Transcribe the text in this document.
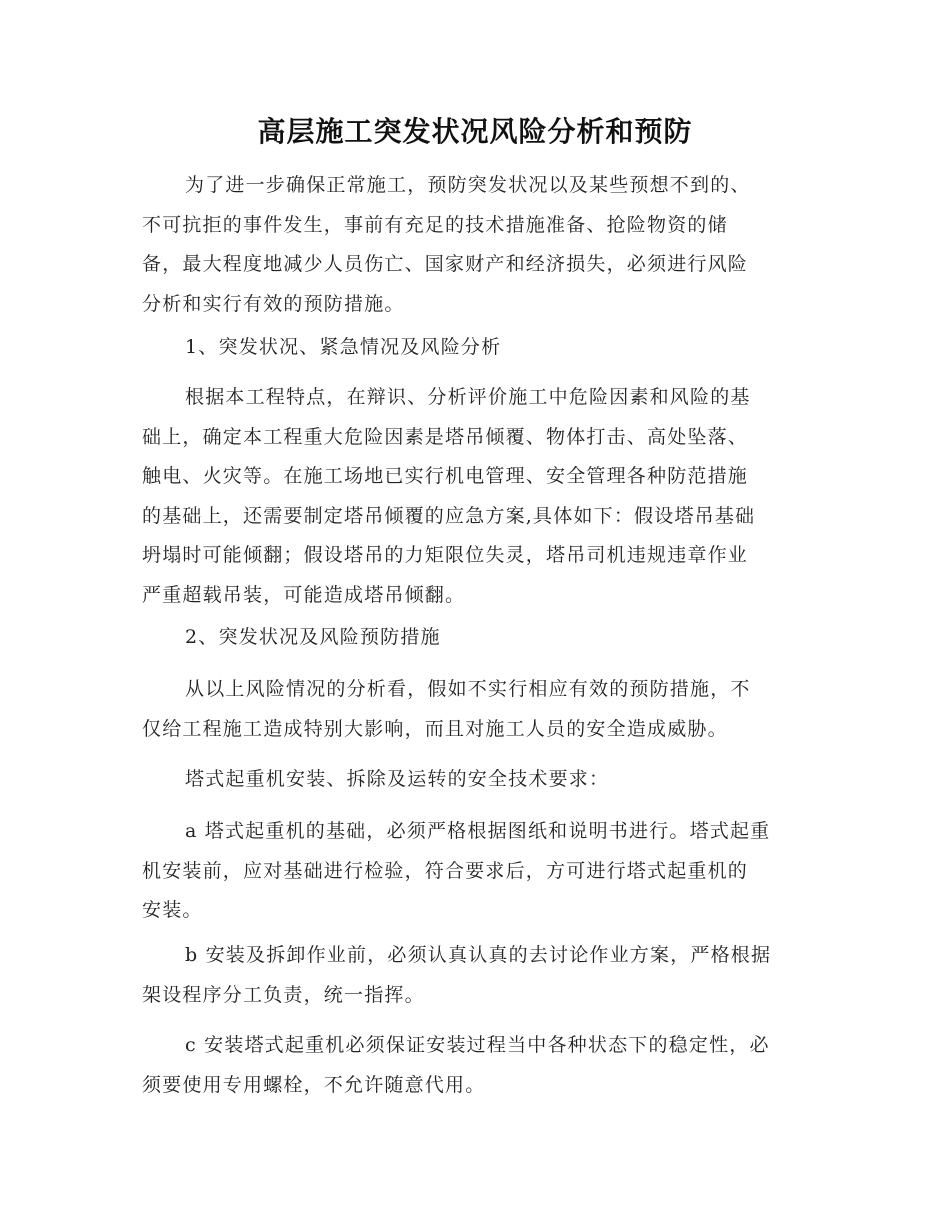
高层施工突发状况风险分析和预防
为了进一步确保正常施工，预防突发状况以及某些预想不到的、
不可抗拒的事件发生，事前有充足的技术措施准备、抢险物资的储
备，最大程度地减少人员伤亡、国家财产和经济损失，必须进行风险
分析和实行有效的预防措施。
1、突发状况、紧急情况及风险分析
根据本工程特点，在辩识、分析评价施工中危险因素和风险的基
础上，确定本工程重大危险因素是塔吊倾覆、物体打击、高处坠落、
触电、火灾等。在施工场地已实行机电管理、安全管理各种防范措施
的基础上，还需要制定塔吊倾覆的应急方案,具体如下：假设塔吊基础
坍塌时可能倾翻；假设塔吊的力矩限位失灵，塔吊司机违规违章作业
严重超载吊装，可能造成塔吊倾翻。
2、突发状况及风险预防措施
从以上风险情况的分析看，假如不实行相应有效的预防措施，不
仅给工程施工造成特别大影响，而且对施工人员的安全造成威胁。
塔式起重机安装、拆除及运转的安全技术要求：
a 塔式起重机的基础，必须严格根据图纸和说明书进行。塔式起重
机安装前，应对基础进行检验，符合要求后，方可进行塔式起重机的
安装。
b 安装及拆卸作业前，必须认真认真的去讨论作业方案，严格根据
架设程序分工负责，统一指挥。
c 安装塔式起重机必须保证安装过程当中各种状态下的稳定性，必
须要使用专用螺栓，不允许随意代用。
